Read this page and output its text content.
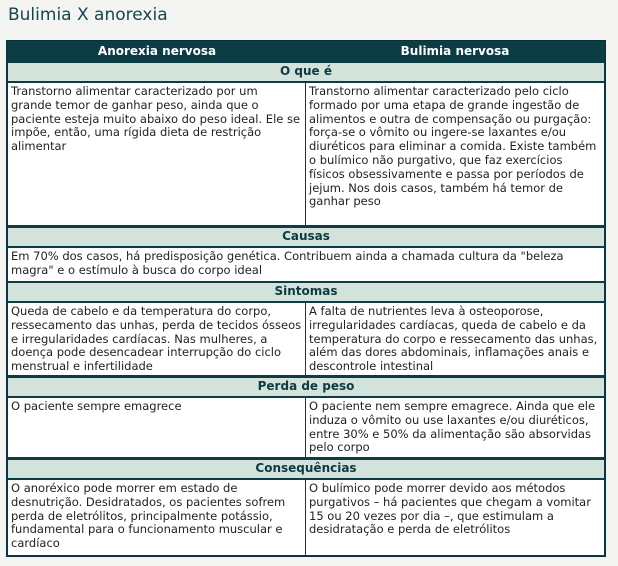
Bulimia X anorexia
Anorexia nervosa	Bulimia nervosa
O que é
Transtorno alimentar caracterizado por um grande temor de ganhar peso, ainda que o paciente esteja muito abaixo do peso ideal. Ele se impõe, então, uma rígida dieta de restrição alimentar
Transtorno alimentar caracterizado pelo ciclo formado por uma etapa de grande ingestão de alimentos e outra de compensação ou purgação: força-se o vômito ou ingere-se laxantes e/ou diuréticos para eliminar a comida. Existe também o bulímico não purgativo, que faz exercícios físicos obsessivamente e passa por períodos de jejum. Nos dois casos, também há temor de ganhar peso
Causas
Em 70% dos casos, há predisposição genética. Contribuem ainda a chamada cultura da "beleza magra" e o estímulo à busca do corpo ideal
Sintomas
Queda de cabelo e da temperatura do corpo, ressecamento das unhas, perda de tecidos ósseos e irregularidades cardíacas. Nas mulheres, a doença pode desencadear interrupção do ciclo menstrual e infertilidade
A falta de nutrientes leva à osteoporose, irregularidades cardíacas, queda de cabelo e da temperatura do corpo e ressecamento das unhas, além das dores abdominais, inflamações anais e descontrole intestinal
Perda de peso
O paciente sempre emagrece	O paciente nem sempre emagrece. Ainda que ele induza o vômito ou use laxantes e/ou diuréticos, entre 30% e 50% da alimentação são absorvidas pelo corpo
Consequências
O anoréxico pode morrer em estado de desnutrição. Desidratados, os pacientes sofrem perda de eletrólitos, principalmente potássio, fundamental para o funcionamento muscular e cardíaco
O bulímico pode morrer devido aos métodos purgativos – há pacientes que chegam a vomitar 15 ou 20 vezes por dia –, que estimulam a desidratação e perda de eletrólitos
